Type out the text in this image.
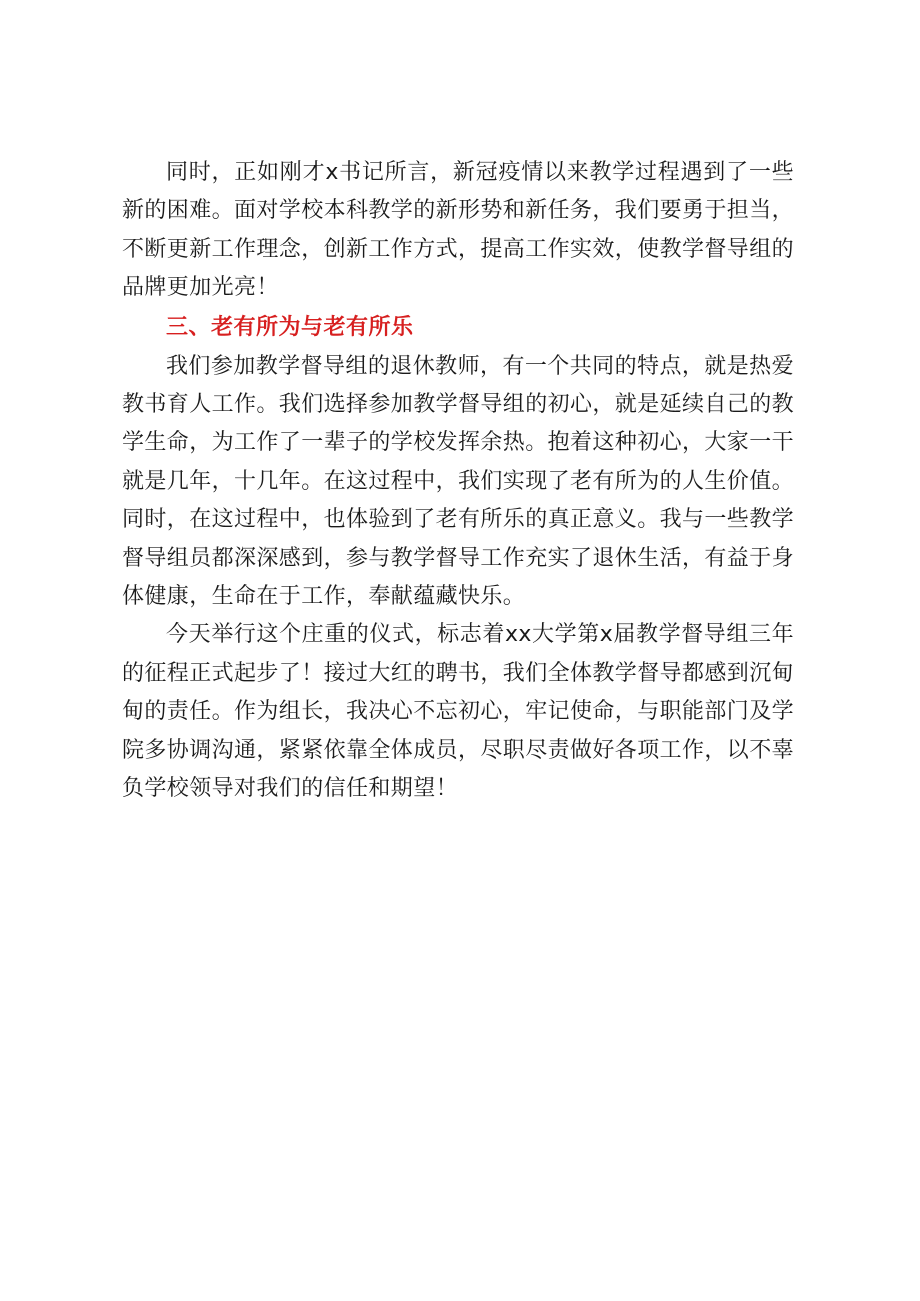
同时，正如刚才x书记所言，新冠疫情以来教学过程遇到了一些新的困难。面对学校本科教学的新形势和新任务，我们要勇于担当，不断更新工作理念，创新工作方式，提高工作实效，使教学督导组的品牌更加光亮！

三、老有所为与老有所乐

我们参加教学督导组的退休教师，有一个共同的特点，就是热爱教书育人工作。我们选择参加教学督导组的初心，就是延续自己的教学生命，为工作了一辈子的学校发挥余热。抱着这种初心，大家一干就是几年，十几年。在这过程中，我们实现了老有所为的人生价值。同时，在这过程中，也体验到了老有所乐的真正意义。我与一些教学督导组员都深深感到，参与教学督导工作充实了退休生活，有益于身体健康，生命在于工作，奉献蕴藏快乐。

今天举行这个庄重的仪式，标志着xx大学第x届教学督导组三年的征程正式起步了！接过大红的聘书，我们全体教学督导都感到沉甸甸的责任。作为组长，我决心不忘初心，牢记使命，与职能部门及学院多协调沟通，紧紧依靠全体成员，尽职尽责做好各项工作，以不辜负学校领导对我们的信任和期望！
